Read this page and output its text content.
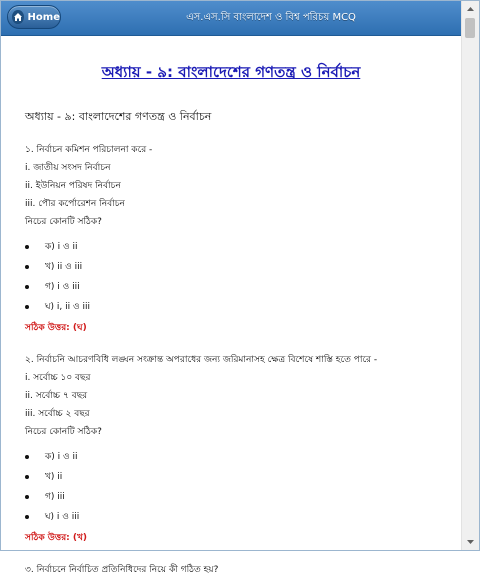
Home	এস.এস.সি বাংলাদেশ ও বিশ্ব পরিচয় MCQ
অধ্যায় - ৯: বাংলাদেশের গণতন্ত্র ও নির্বাচন
অধ্যায় - ৯: বাংলাদেশের গণতন্ত্র ও নির্বাচন
১. নির্বাচন কমিশন পরিচালনা করে -
i. জাতীয় সংসদ নির্বাচন
ii. ইউনিয়ন পরিষদ নির্বাচন
iii. পৌর কর্পোরেশন নির্বাচন
নিচের কোনটি সঠিক?
ক) i ও ii
খ) ii ও iii
গ) i ও iii
ঘ) i, ii ও iii
সঠিক উত্তর: (ঘ)
২. নির্বাচনি আচরণবিধি লঙ্ঘন সংক্রান্ত অপরাধের জন্য জরিমানাসহ ক্ষেত্র বিশেষে শাস্তি হতে পারে -
i. সর্বোচ্চ ১০ বছর
ii. সর্বোচ্চ ৭ বছর
iii. সর্বোচ্চ ২ বছর
নিচের কোনটি সঠিক?
ক) i ও ii
খ) ii
গ) iii
ঘ) i ও iii
সঠিক উত্তর: (খ)
৩. নির্বাচনে নির্বাচিত প্রতিনিধিদের নিয়ে কী গঠিত হয়?
